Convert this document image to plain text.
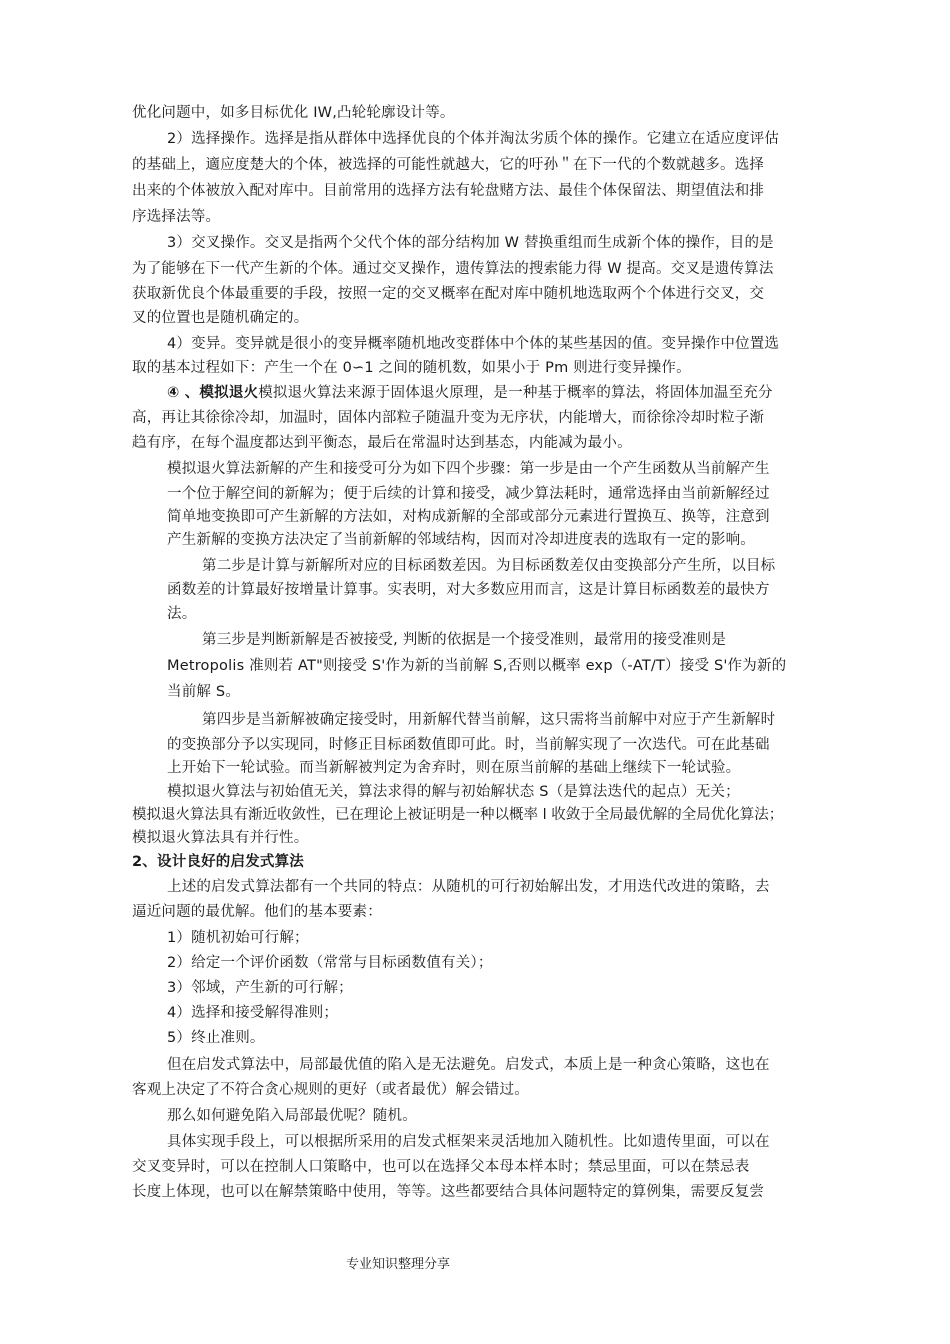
优化问题中，如多目标优化 IW,凸轮轮廓设计等。
2）选择操作。选择是指从群体中选择优良的个体并淘汰劣质个体的操作。它建立在适应度评估
的基础上，適应度楚大的个体，被选择的可能性就越大，它的吁孙＂在下一代的个数就越多。选择
出来的个体被放入配对库中。目前常用的选择方法有轮盘赌方法、最佳个体保留法、期望值法和排
序选择法等。
3）交叉操作。交叉是指两个父代个体的部分结构加 W 替换重组而生成新个体的操作，目的是
为了能够在下一代产生新的个体。通过交叉操作，遗传算法的搜索能力得 W 提高。交叉是遗传算法
获取新优良个体最重要的手段，按照一定的交叉概率在配对库中随机地选取两个个体进行交叉，交
叉的位置也是随机确定的。
4）变异。变异就是很小的变异概率随机地改变群体中个体的某些基因的值。变异操作中位置选
取的基本过程如下：产生一个在 0∽1 之间的随机数，如果小于 Pm 则进行变异操作。
④ 、模拟退火模拟退火算法来源于固体退火原理，是一种基于概率的算法，将固体加温至充分
高，再让其徐徐冷却，加温时，固体内部粒子随温升变为无序状，内能增大，而徐徐冷却时粒子渐
趋有序，在每个温度都达到平衡态，最后在常温时达到基态，内能减为最小。
模拟退火算法新解的产生和接受可分为如下四个步骤：第一步是由一个产生函数从当前解产生
一个位于解空间的新解为；便于后续的计算和接受，减少算法耗时，通常选择由当前新解经过
简单地变换即可产生新解的方法如，对构成新解的全部或部分元素进行置换互、换等，注意到
产生新解的变换方法决定了当前新解的邻域结构，因而对冷却进度表的选取有一定的影响。
第二步是计算与新解所对应的目标函数差因。为目标函数差仅由变换部分产生所，以目标
函数差的计算最好按增量计算事。实表明，对大多数应用而言，这是计算目标函数差的最快方
法。
第三步是判断新解是否被接受, 判断的依据是一个接受准则，最常用的接受准则是
Metropolis 准则若 AT"则接受 S'作为新的当前解 S,否则以概率 exp（-AT/T）接受 S'作为新的
当前解 S。
第四步是当新解被确定接受时，用新解代替当前解，这只需将当前解中对应于产生新解时
的变换部分予以实现同，时修正目标函数值即可此。时，当前解实现了一次迭代。可在此基础
上开始下一轮试验。而当新解被判定为舍弃时，则在原当前解的基础上继续下一轮试验。
模拟退火算法与初始值无关，算法求得的解与初始解状态 S（是算法迭代的起点）无关；
模拟退火算法具有渐近收敛性，已在理论上被证明是一种以概率 l 收敛于全局最优解的全局优化算法；
模拟退火算法具有并行性。
2、设计良好的启发式算法
上述的启发式算法都有一个共同的特点：从随机的可行初始解出发，才用迭代改进的策略，去
逼近问题的最优解。他们的基本要素：
1）随机初始可行解；
2）给定一个评价函数（常常与目标函数值有关）；
3）邻域，产生新的可行解；
4）选择和接受解得准则；
5）终止准则。
但在启发式算法中，局部最优值的陷入是无法避免。启发式，本质上是一种贪心策略，这也在
客观上决定了不符合贪心规则的更好（或者最优）解会错过。
那么如何避免陷入局部最优呢？随机。
具体实现手段上，可以根据所采用的启发式框架来灵活地加入随机性。比如遗传里面，可以在
交叉变异时，可以在控制人口策略中，也可以在选择父本母本样本时；禁忌里面，可以在禁忌表
长度上体现，也可以在解禁策略中使用，等等。这些都要结合具体问题特定的算例集，需要反复尝
专业知识整理分享
